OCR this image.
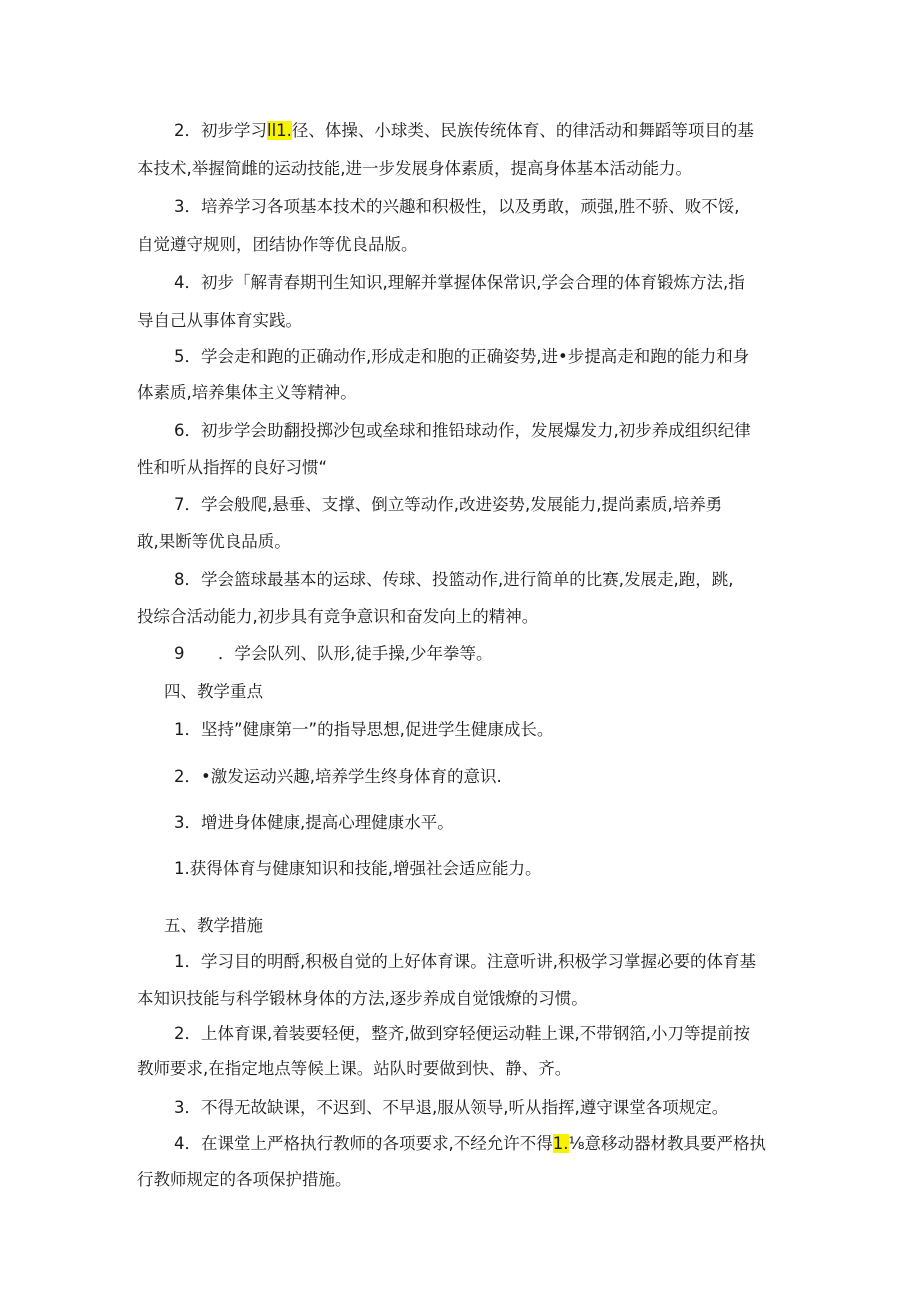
2．初步学习ll1.径、体操、小球类、民族传统体育、的律活动和舞蹈等项目的基
本技术,举握简雌的运动技能,进一步发展身体素质，提高身体基本活动能力。
3．培养学习各项基本技术的兴趣和积极性，以及勇敢，顽强,胜不骄、败不馁,
自觉遵守规则，团结协作等优良品版。
4．初步「解青春期刊生知识,理解并掌握体保常识,学会合理的体育锻炼方法,指
导自己从事体育实践。
5．学会走和跑的正确动作,形成走和胞的正确姿势,进•步提高走和跑的能力和身
体素质,培养集体主义等精神。
6．初步学会助翻投掷沙包或垒球和推铅球动作，发展爆发力,初步养成组织纪律
性和听从指挥的良好习惯“
7．学会般爬,悬垂、支撑、倒立等动作,改进姿势,发展能力,提尚素质,培养勇
敢,果断等优良品质。
8．学会篮球最基本的运球、传球、投篮动作,进行简单的比赛,发展走,跑，跳,
投综合活动能力,初步具有竞争意识和奋发向上的精神。
9 ．学会队列、队形,徒手操,少年拳等。
四、教学重点
1．坚持”健康第一”的指导思想,促进学生健康成长。
2．•激发运动兴趣,培养学生终身体育的意识.
3．增进身体健康,提高心理健康水平。
1.获得体育与健康知识和技能,增强社会适应能力。
五、教学措施
1．学习目的明酹,积极自觉的上好体育课。注意听讲,积极学习掌握必要的体育基
本知识技能与科学锻林身体的方法,逐步养成自觉饿燎的习惯。
2．上体育课,着装要轻便，整齐,做到穿轻便运动鞋上课,不带钢箔,小刀等提前按
教师要求,在指定地点等候上课。站队时要做到快、静、齐。
3．不得无故缺课，不迟到、不早退,服从领导,听从指挥,遵守课堂各项规定。
4．在课堂上严格执行教师的各项要求,不经允许不得1.⅛意移动器材教具要严格执
行教师规定的各项保护措施。
